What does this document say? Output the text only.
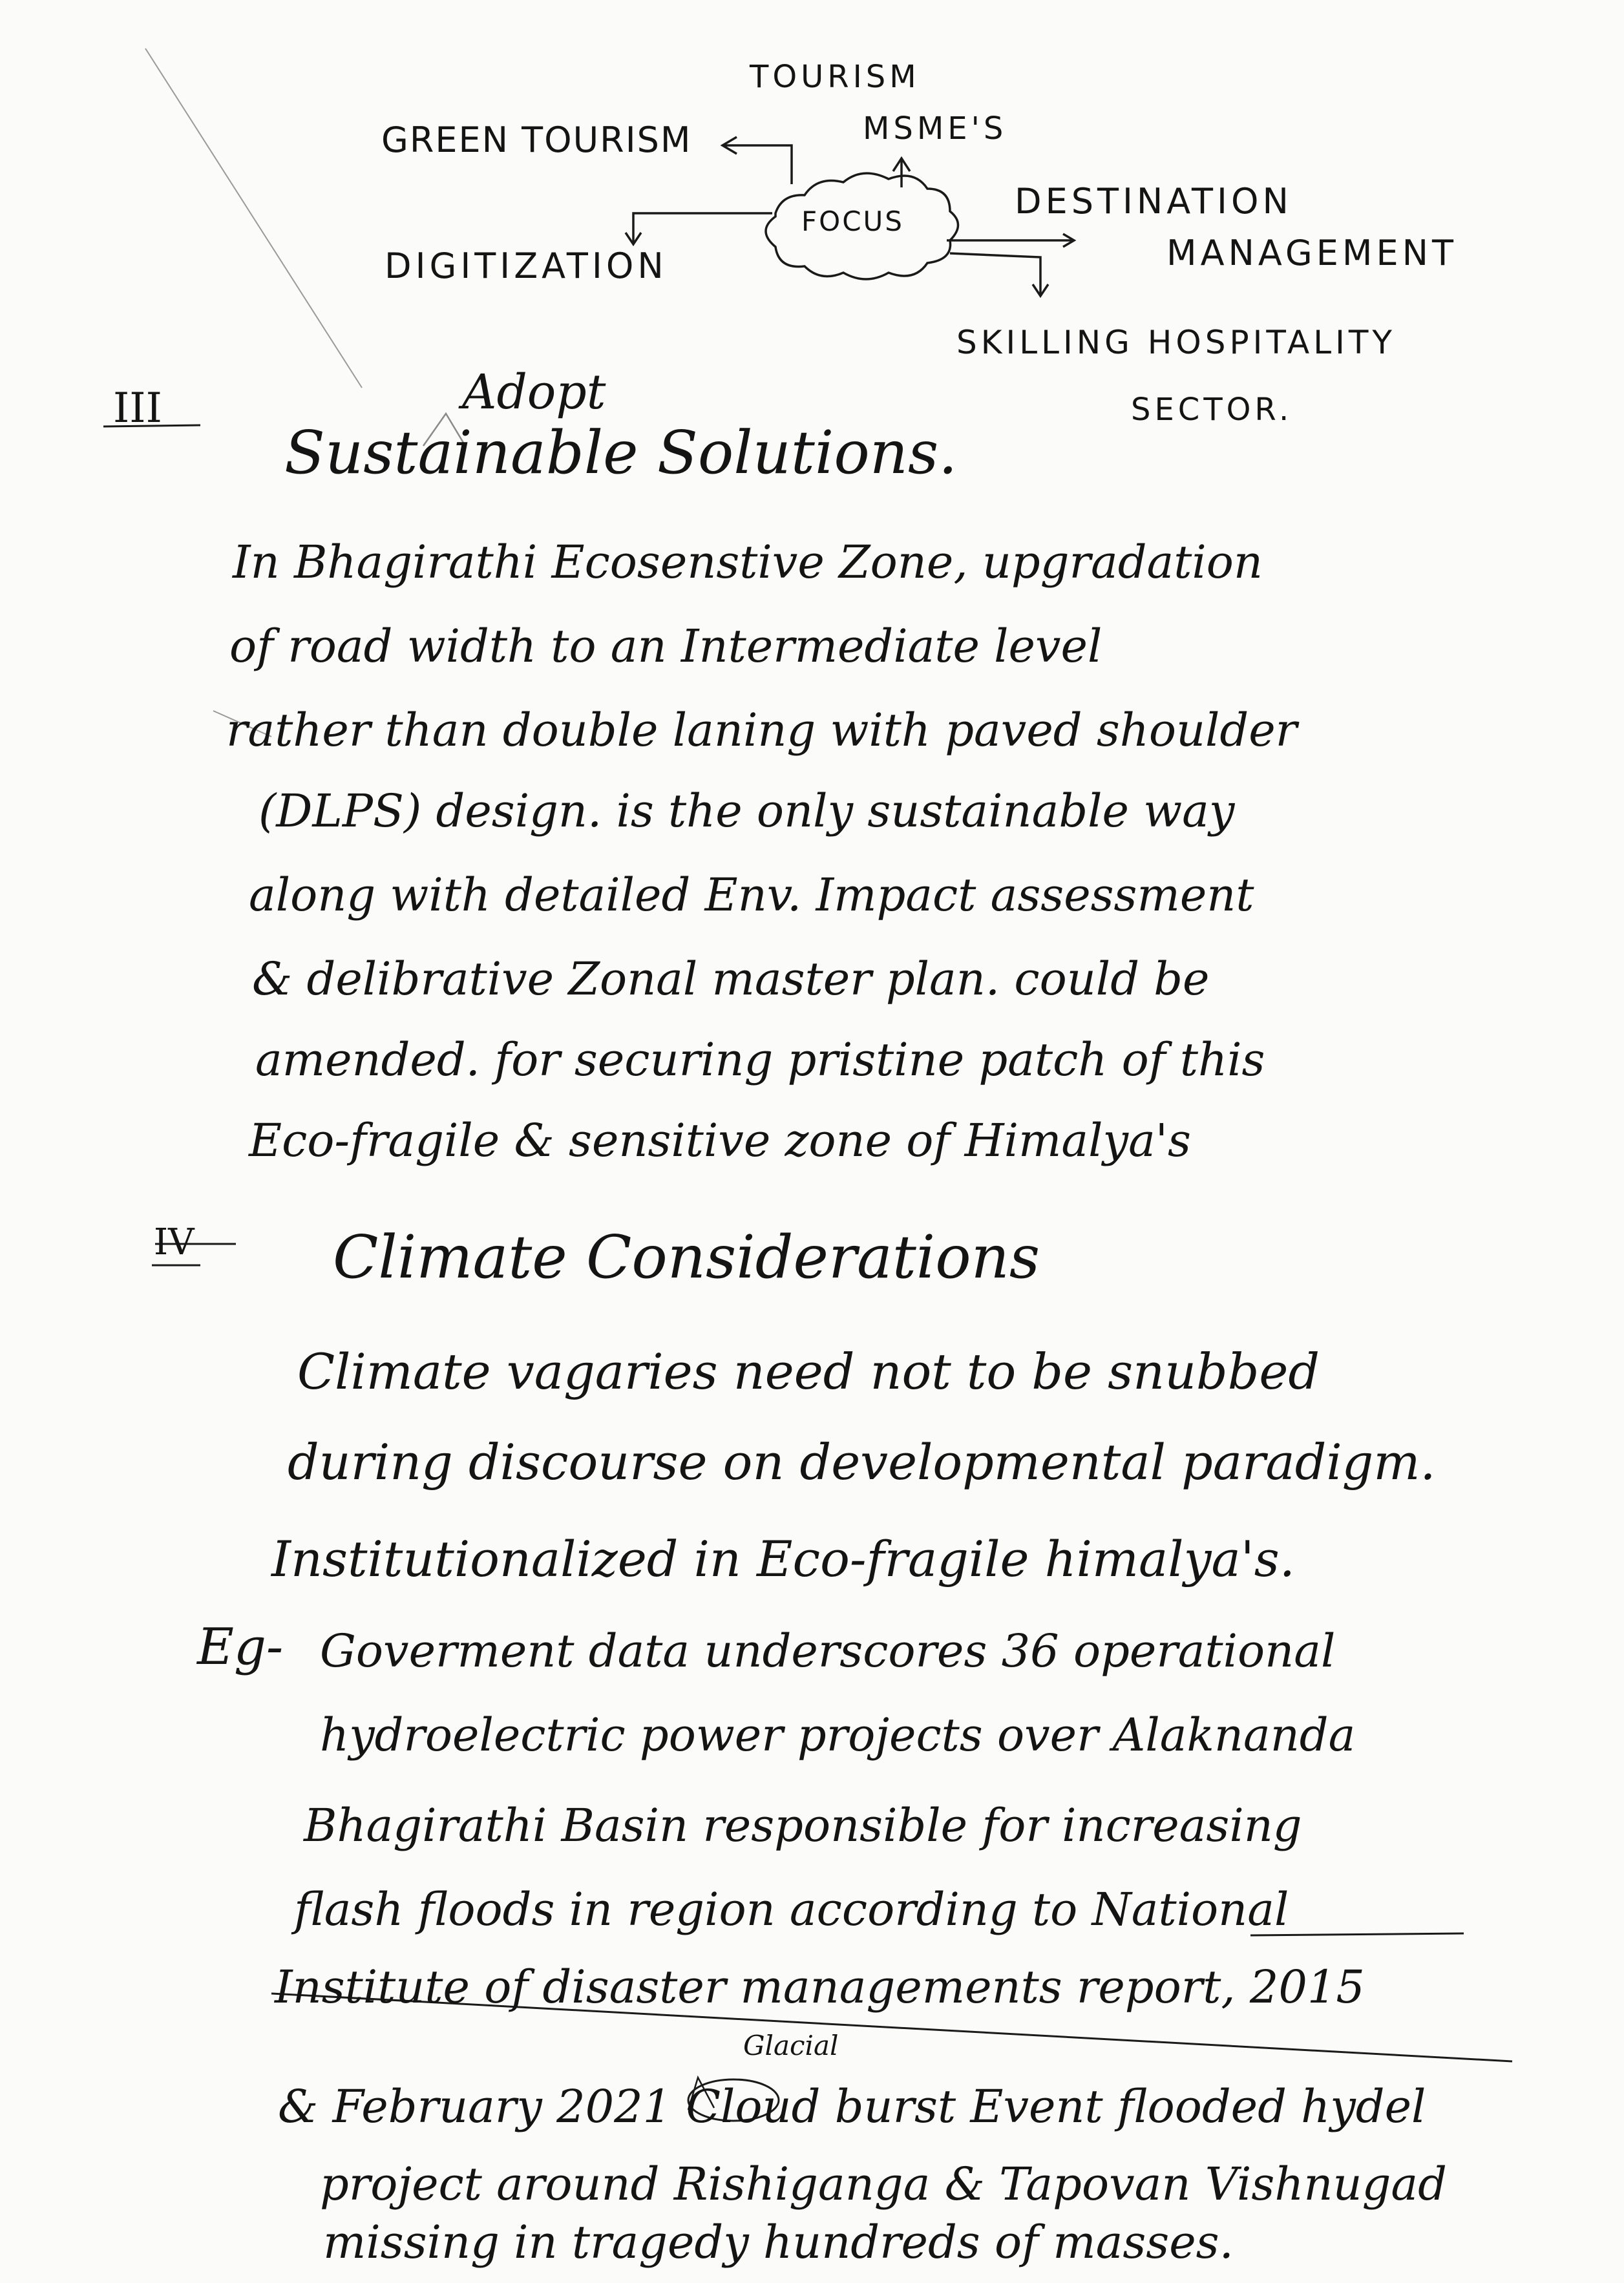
TOURISM
GREEN TOURISM	MSME'S
FOCUS
DIGITIZATION
DESTINATION
MANAGEMENT
SKILLING HOSPITALITY
SECTOR.
III	Adopt
Sustainable Solutions.
In Bhagirathi Ecosenstive Zone, upgradation
of road width to an Intermediate level
rather than double laning with paved shoulder
(DLPS) design. is the only sustainable way
along with detailed Env. Impact assessment
& delibrative Zonal master plan. could be
amended. for securing pristine patch of this
Eco-fragile & sensitive zone of Himalya's
IV Climate Considerations
Climate vagaries need not to be snubbed
during discourse on developmental paradigm.
Institutionalized in Eco-fragile himalya's.
Eg- Goverment data underscores 36 operational
hydroelectric power projects over Alaknanda
Bhagirathi Basin responsible for increasing
flash floods in region according to National
Institute of disaster managements report, 2015
Glacial
& February 2021 Cloud burst Event flooded hydel
project around Rishiganga & Tapovan Vishnugad
missing in tragedy hundreds of masses.
